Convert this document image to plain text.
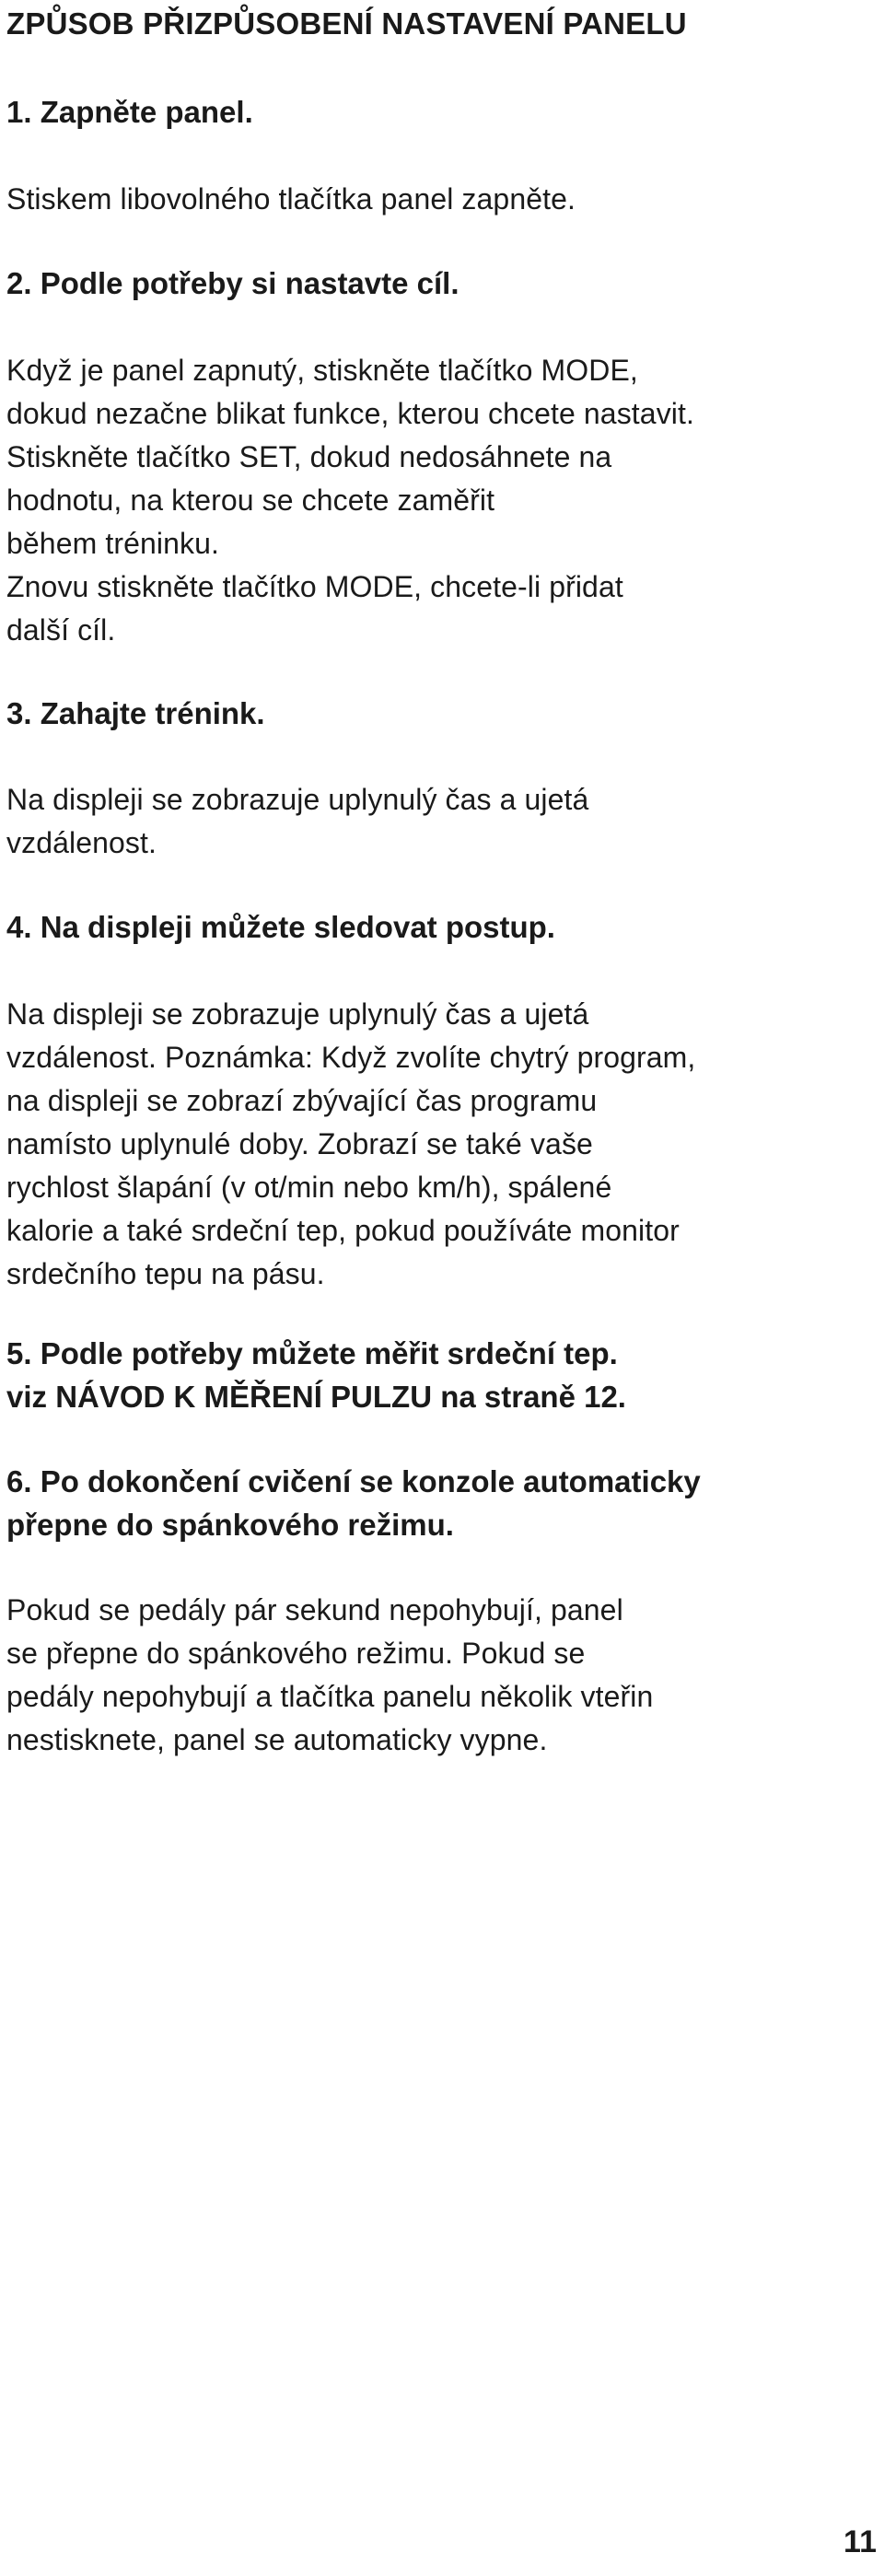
ZPŮSOB PŘIZPŮSOBENÍ NASTAVENÍ PANELU
1. Zapněte panel.
Stiskem libovolného tlačítka panel zapněte.
2. Podle potřeby si nastavte cíl.
Když je panel zapnutý, stiskněte tlačítko MODE,
dokud nezačne blikat funkce, kterou chcete nastavit.
Stiskněte tlačítko SET, dokud nedosáhnete na
hodnotu, na kterou se chcete zaměřit
během tréninku.
Znovu stiskněte tlačítko MODE, chcete-li přidat
další cíl.
3. Zahajte trénink.
Na displeji se zobrazuje uplynulý čas a ujetá
vzdálenost.
4. Na displeji můžete sledovat postup.
Na displeji se zobrazuje uplynulý čas a ujetá
vzdálenost. Poznámka: Když zvolíte chytrý program,
na displeji se zobrazí zbývající čas programu
namísto uplynulé doby. Zobrazí se také vaše
rychlost šlapání (v ot/min nebo km/h), spálené
kalorie a také srdeční tep, pokud používáte monitor
srdečního tepu na pásu.
5. Podle potřeby můžete měřit srdeční tep.
viz NÁVOD K MĚŘENÍ PULZU na straně 12.
6. Po dokončení cvičení se konzole automaticky
přepne do spánkového režimu.
Pokud se pedály pár sekund nepohybují, panel
se přepne do spánkového režimu. Pokud se
pedály nepohybují a tlačítka panelu několik vteřin
nestisknete, panel se automaticky vypne.
11
